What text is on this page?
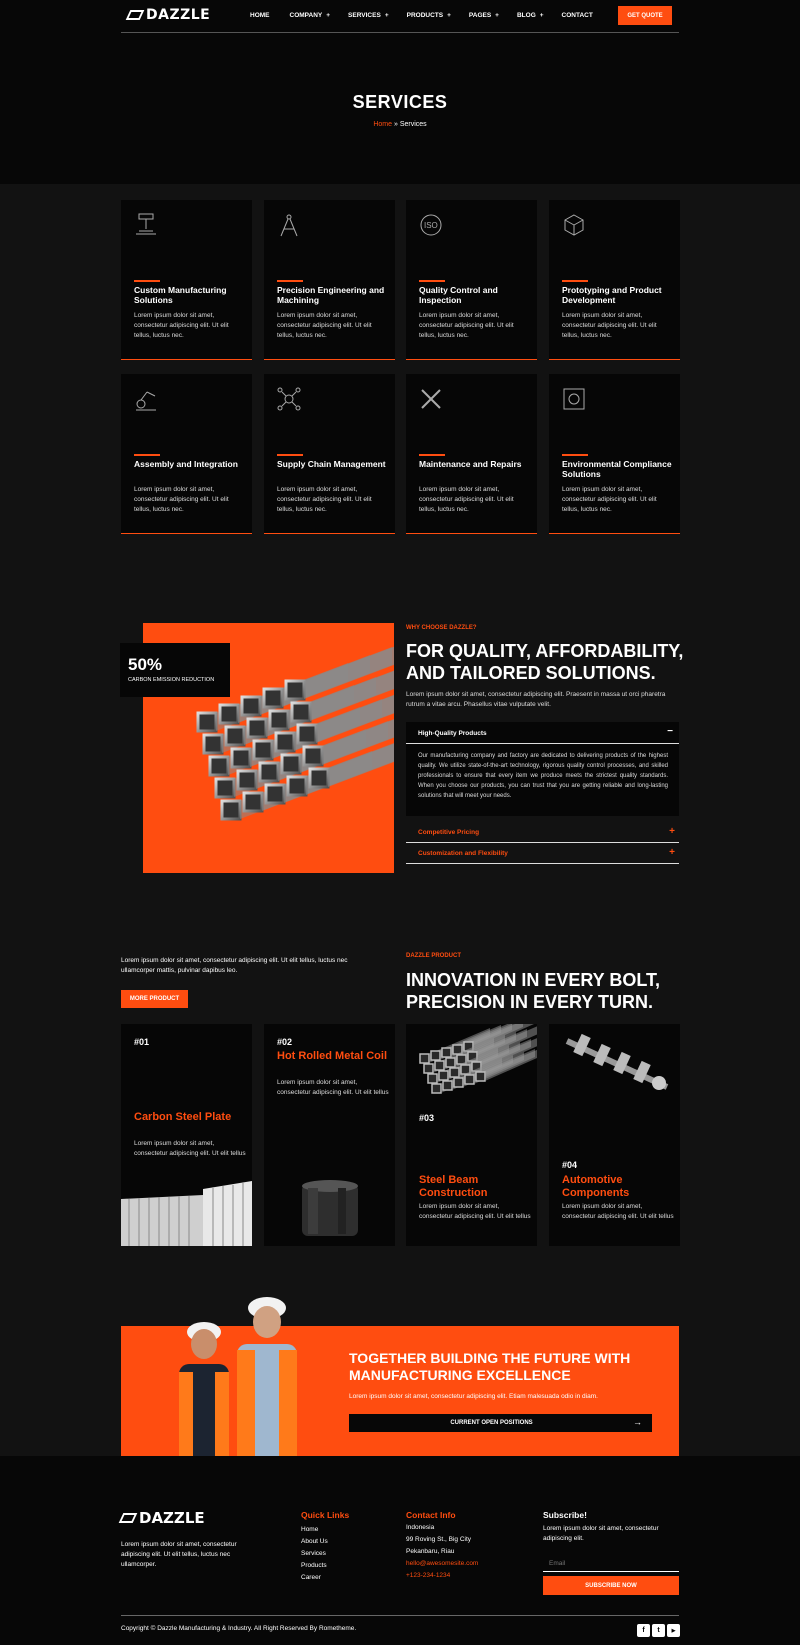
DAZZLE	HOME	COMPANY +	SERVICES +	PRODUCTS +	PAGES +	BLOG +	CONTACT	GET QUOTE
SERVICES
Home » Services
Custom Manufacturing Solutions
Lorem ipsum dolor sit amet, consectetur adipiscing elit. Ut elit tellus, luctus nec.
Precision Engineering and Machining
Lorem ipsum dolor sit amet, consectetur adipiscing elit. Ut elit tellus, luctus nec.
ISO
Quality Control and Inspection
Lorem ipsum dolor sit amet, consectetur adipiscing elit. Ut elit tellus, luctus nec.
Prototyping and Product Development
Lorem ipsum dolor sit amet, consectetur adipiscing elit. Ut elit tellus, luctus nec.
Assembly and Integration
Lorem ipsum dolor sit amet, consectetur adipiscing elit. Ut elit tellus, luctus nec.
Supply Chain Management
Lorem ipsum dolor sit amet, consectetur adipiscing elit. Ut elit tellus, luctus nec.
Maintenance and Repairs
Lorem ipsum dolor sit amet, consectetur adipiscing elit. Ut elit tellus, luctus nec.
Environmental Compliance Solutions
Lorem ipsum dolor sit amet, consectetur adipiscing elit. Ut elit tellus, luctus nec.
50%
CARBON EMISSION REDUCTION
WHY CHOOSE DAZZLE?
FOR QUALITY, AFFORDABILITY,
AND TAILORED SOLUTIONS.
Lorem ipsum dolor sit amet, consectetur adipiscing elit. Praesent in massa ut orci pharetra rutrum a vitae arcu. Phasellus vitae vulputate velit.
High-Quality Products	−
Our manufacturing company and factory are dedicated to delivering products of the highest quality. We utilize state-of-the-art technology, rigorous quality control processes, and skilled professionals to ensure that every item we produce meets the strictest quality standards. When you choose our products, you can trust that you are getting reliable and long-lasting solutions that will meet your needs.
Competitive Pricing	+
Customization and Flexibility	+
Lorem ipsum dolor sit amet, consectetur adipiscing elit. Ut elit tellus, luctus nec ullamcorper mattis, pulvinar dapibus leo.
MORE PRODUCT
DAZZLE PRODUCT
INNOVATION IN EVERY BOLT,
PRECISION IN EVERY TURN.
#01
Carbon Steel Plate
Lorem ipsum dolor sit amet, consectetur adipiscing elit. Ut elit tellus
#02
Hot Rolled Metal Coil
Lorem ipsum dolor sit amet, consectetur adipiscing elit. Ut elit tellus
#03
Steel Beam Construction
Lorem ipsum dolor sit amet, consectetur adipiscing elit. Ut elit tellus
#04
Automotive Components
Lorem ipsum dolor sit amet, consectetur adipiscing elit. Ut elit tellus
TOGETHER BUILDING THE FUTURE WITH
MANUFACTURING EXCELLENCE
Lorem ipsum dolor sit amet, consectetur adipiscing elit. Etiam malesuada odio in diam.
CURRENT OPEN POSITIONS	→
DAZZLE
Lorem ipsum dolor sit amet, consectetur adipiscing elit. Ut elit tellus, luctus nec ullamcorper.
Quick Links
Home
About Us
Services
Products
Career
Contact Info
Indonesia
99 Roving St., Big City
Pekanbaru, Riau
hello@awesomesite.com
+123-234-1234
Subscribe!
Lorem ipsum dolor sit amet, consectetur adipiscing elit.
Email
SUBSCRIBE NOW
Copyright © Dazzle Manufacturing & Industry. All Right Reserved By Rometheme.	f	t	▶
